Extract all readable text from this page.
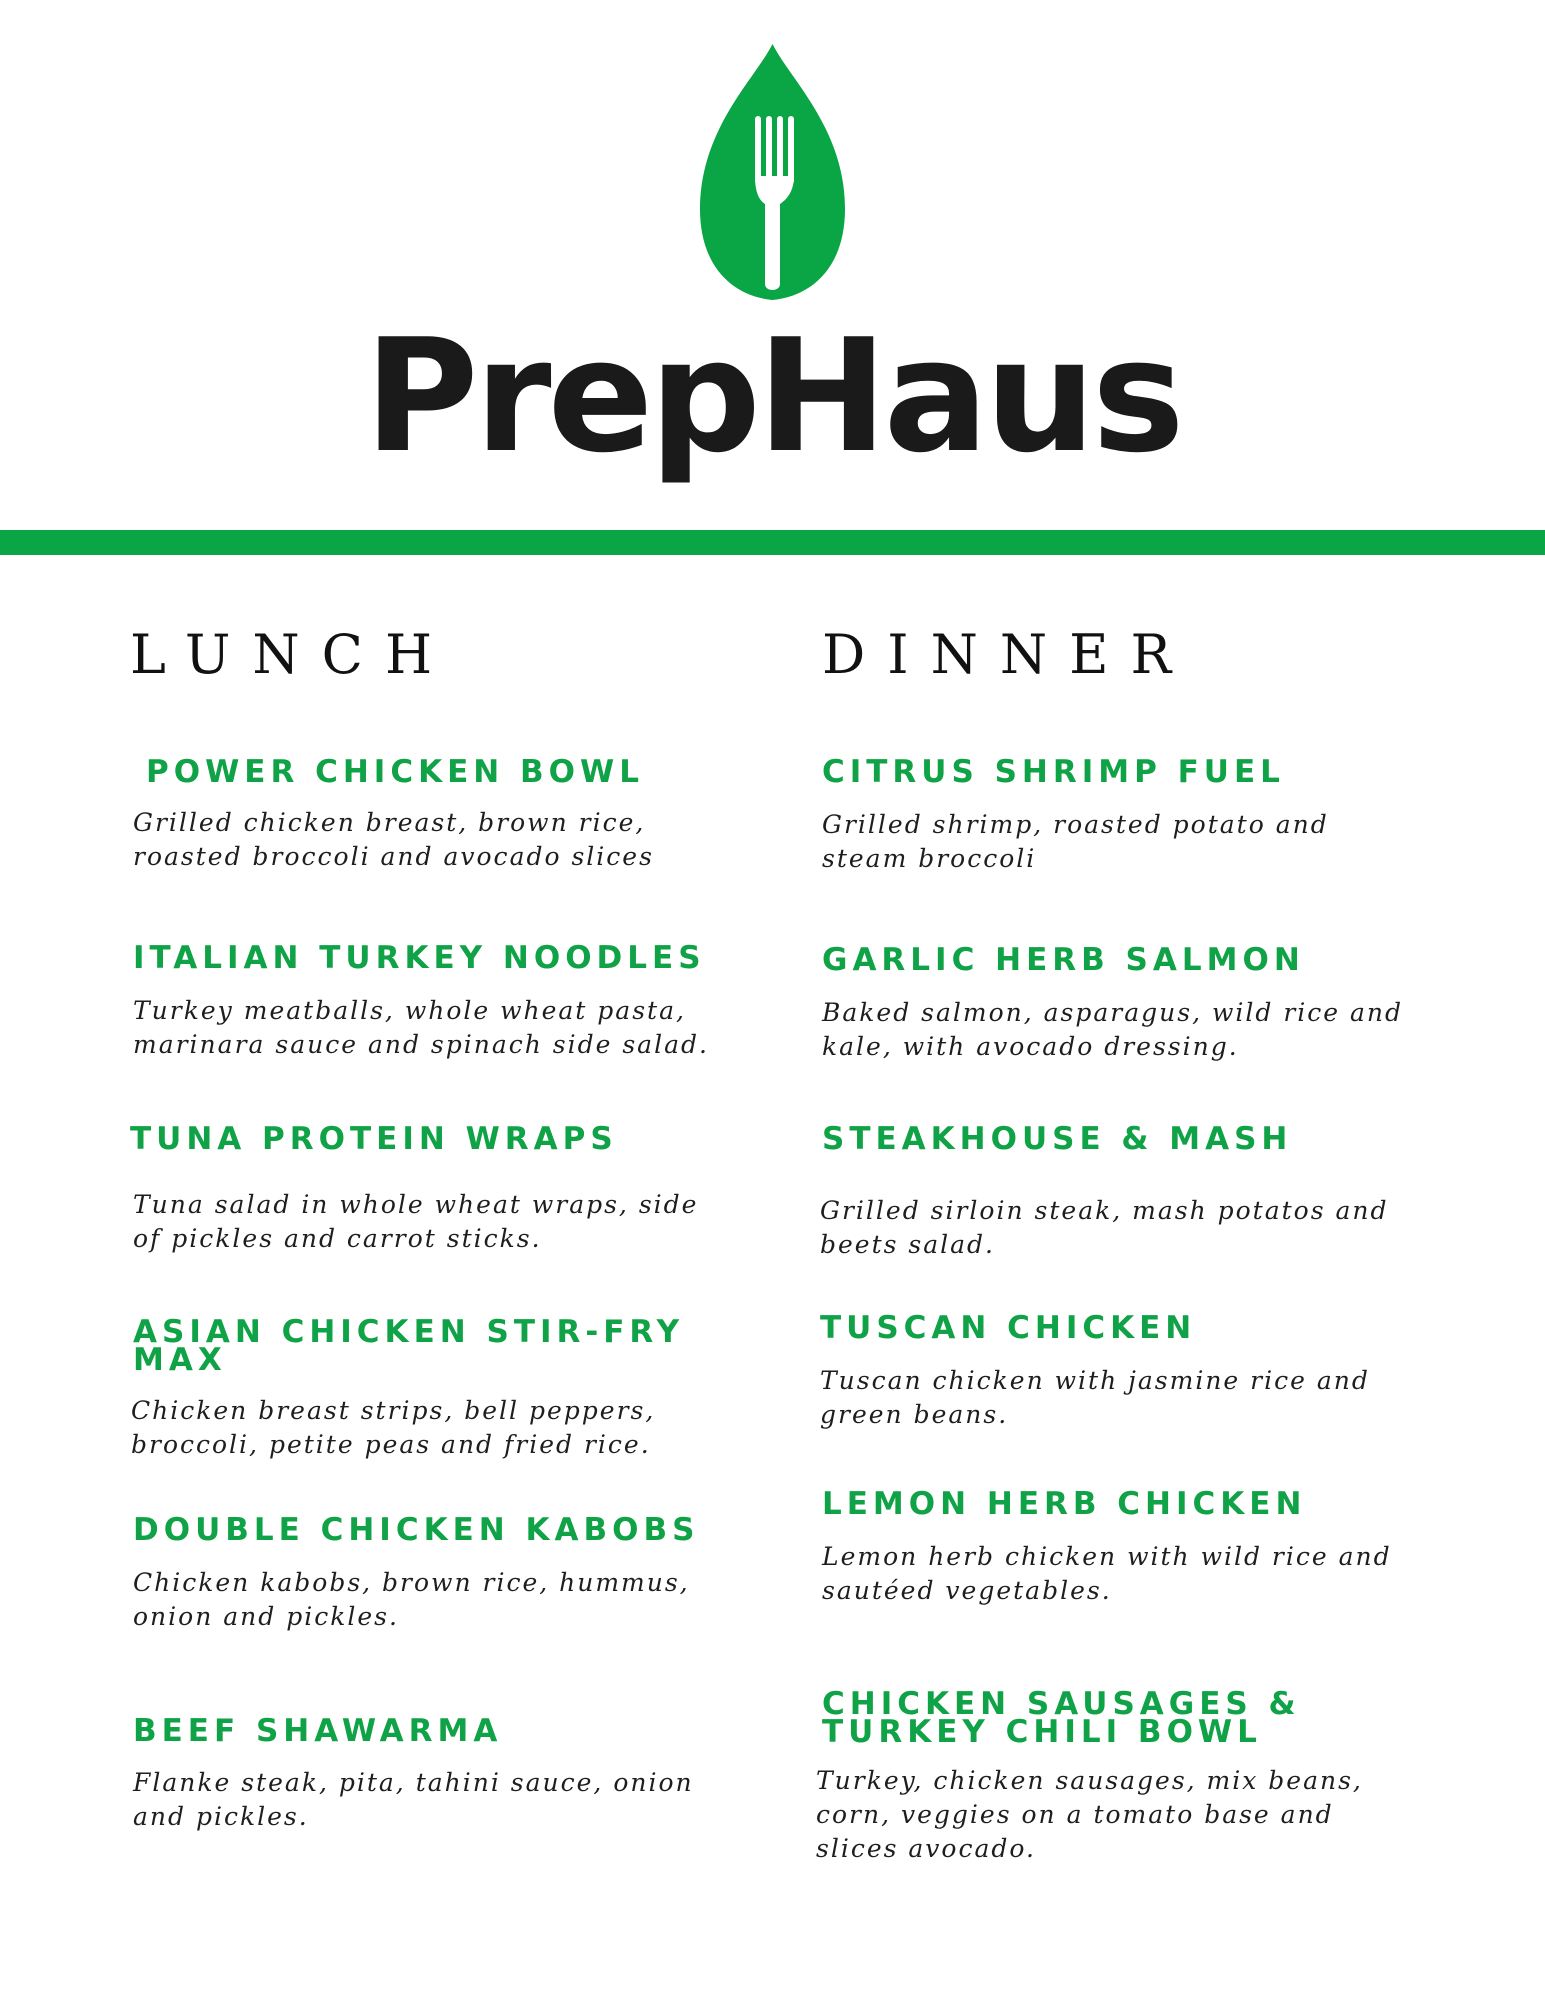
PrepHaus
LUNCH

POWER CHICKEN BOWL

Grilled chicken breast, brown rice, roasted broccoli and avocado slices

ITALIAN TURKEY NOODLES

Turkey meatballs, whole wheat pasta, marinara sauce and spinach side salad.

TUNA PROTEIN WRAPS

Tuna salad in whole wheat wraps, side of pickles and carrot sticks.

ASIAN CHICKEN STIR-FRY MAX

Chicken breast strips, bell peppers, broccoli, petite peas and fried rice.

DOUBLE CHICKEN KABOBS

Chicken kabobs, brown rice, hummus, onion and pickles.

BEEF SHAWARMA

Flanke steak, pita, tahini sauce, onion and pickles.

DINNER

CITRUS SHRIMP FUEL

Grilled shrimp, roasted potato and steam broccoli

GARLIC HERB SALMON

Baked salmon, asparagus, wild rice and kale, with avocado dressing.

STEAKHOUSE & MASH

Grilled sirloin steak, mash potatos and beets salad.

TUSCAN CHICKEN

Tuscan chicken with jasmine rice and green beans.

LEMON HERB CHICKEN

Lemon herb chicken with wild rice and sautéed vegetables.

CHICKEN SAUSAGES & TURKEY CHILI BOWL

Turkey, chicken sausages, mix beans, corn, veggies on a tomato base and slices avocado.
